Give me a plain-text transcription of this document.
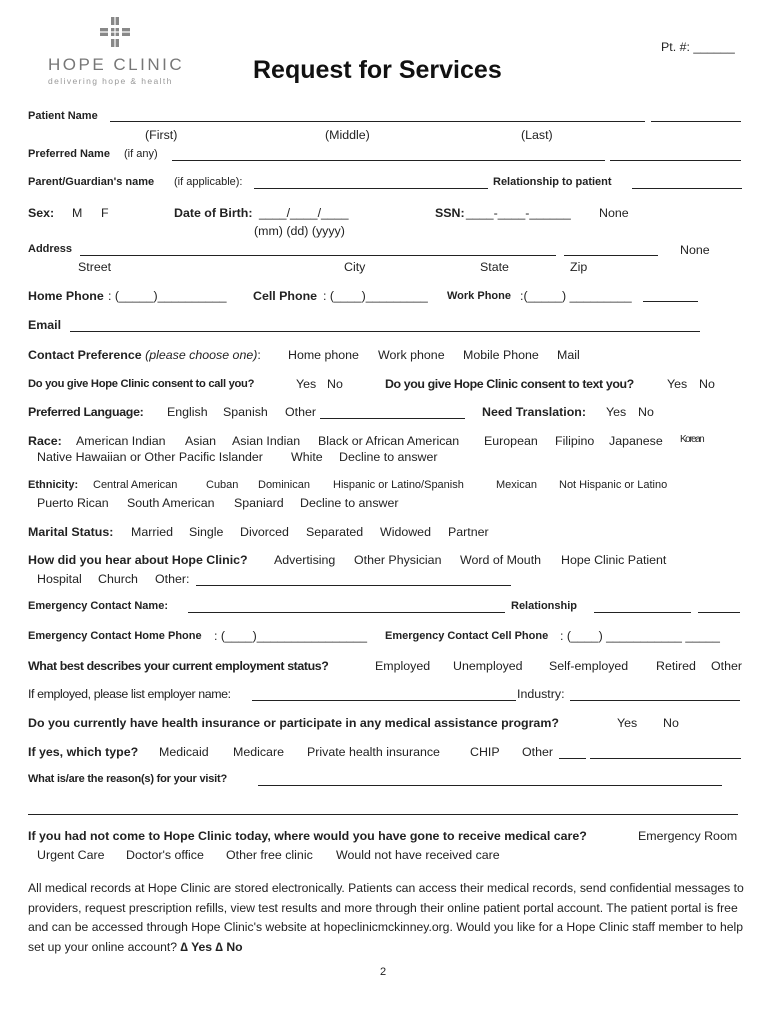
HOPE CLINIC
delivering hope & health	Request for Services
Pt. #: ______
Patient Name
(First)	(Middle)	(Last)
Preferred Name (if any)
Parent/Guardian's name (if applicable):	Relationship to patient
Sex: M F	Date of Birth: ____/____/____
(mm) (dd) (yyyy)
SSN: ____-____-______ None
Address	None
Street	City	State	Zip
Home Phone : (_____)__________ Cell Phone : (____)_________ Work Phone :(_____) _________
Email
Contact Preference (please choose one): Home phone Work phone Mobile Phone Mail
Do you give Hope Clinic consent to call you?	Yes No	Do you give Hope Clinic consent to text you?	Yes No
Preferred Language: English Spanish Other	Need Translation: Yes No
Race: American Indian Asian Asian Indian Black or African American European Filipino Japanese Korean
Native Hawaiian or Other Pacific Islander White Decline to answer
Ethnicity: Central American	Cuban Dominican Hispanic or Latino/Spanish	Mexican Not Hispanic or Latino
Puerto Rican South American Spaniard Decline to answer
Marital Status: Married Single Divorced Separated Widowed Partner
How did you hear about Hope Clinic? Advertising Other Physician Word of Mouth Hope Clinic Patient
Hospital Church Other:
Emergency Contact Name:	Relationship
Emergency Contact Home Phone : (____)________________ Emergency Contact Cell Phone : (____) ___________ _____
What best describes your current employment status?	Employed Unemployed Self-employed Retired Other
If employed, please list employer name:	Industry:
Do you currently have health insurance or participate in any medical assistance program?	Yes No
If yes, which type? Medicaid Medicare Private health insurance CHIP Other
What is/are the reason(s) for your visit?
If you had not come to Hope Clinic today, where would you have gone to receive medical care?	Emergency Room
Urgent Care Doctor's office Other free clinic Would not have received care
All medical records at Hope Clinic are stored electronically. Patients can access their medical records, send confidential messages to providers, request prescription refills, view test results and more through their online patient portal account. The patient portal is free and can be accessed through Hope Clinic's website at hopeclinicmckinney.org. Would you like for a Hope Clinic staff member to help set up your online account? ∆ Yes ∆ No
2
